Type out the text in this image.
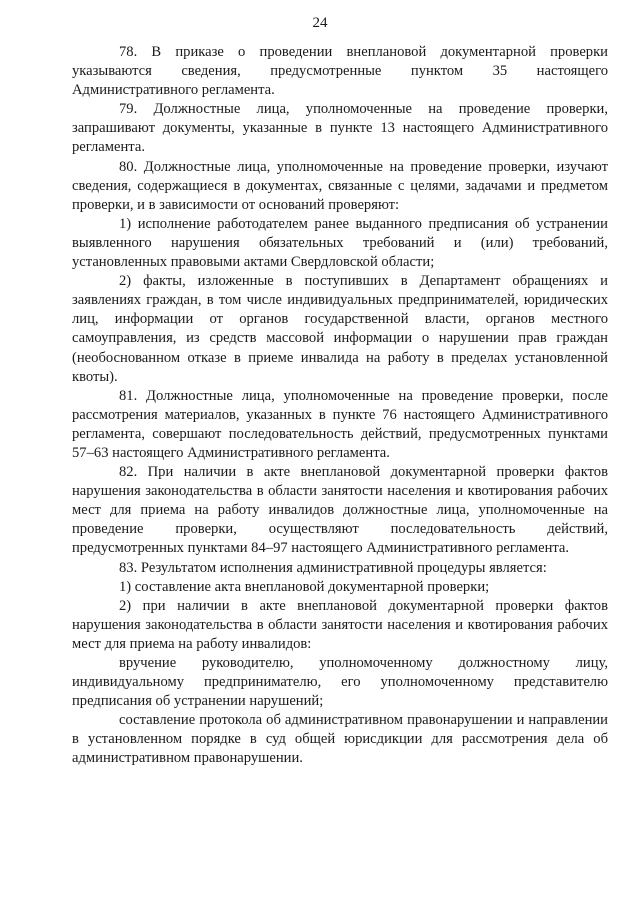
24

78. В приказе о проведении внеплановой документарной проверки указываются сведения, предусмотренные пунктом 35 настоящего Административного регламента.

79. Должностные лица, уполномоченные на проведение проверки, запрашивают документы, указанные в пункте 13 настоящего Административного регламента.

80. Должностные лица, уполномоченные на проведение проверки, изучают сведения, содержащиеся в документах, связанные с целями, задачами и предметом проверки, и в зависимости от оснований проверяют:

1) исполнение работодателем ранее выданного предписания об устранении выявленного нарушения обязательных требований и (или) требований, установленных правовыми актами Свердловской области;

2) факты, изложенные в поступивших в Департамент обращениях и заявлениях граждан, в том числе индивидуальных предпринимателей, юридических лиц, информации от органов государственной власти, органов местного самоуправления, из средств массовой информации о нарушении прав граждан (необоснованном отказе в приеме инвалида на работу в пределах установленной квоты).

81. Должностные лица, уполномоченные на проведение проверки, после рассмотрения материалов, указанных в пункте 76 настоящего Административного регламента, совершают последовательность действий, предусмотренных пунктами 57–63 настоящего Административного регламента.

82. При наличии в акте внеплановой документарной проверки фактов нарушения законодательства в области занятости населения и квотирования рабочих мест для приема на работу инвалидов должностные лица, уполномоченные на проведение проверки, осуществляют последовательность действий, предусмотренных пунктами 84–97 настоящего Административного регламента.

83. Результатом исполнения административной процедуры является:

1) составление акта внеплановой документарной проверки;

2) при наличии в акте внеплановой документарной проверки фактов нарушения законодательства в области занятости населения и квотирования рабочих мест для приема на работу инвалидов:

вручение руководителю, уполномоченному должностному лицу, индивидуальному предпринимателю, его уполномоченному представителю предписания об устранении нарушений;

составление протокола об административном правонарушении и направлении в установленном порядке в суд общей юрисдикции для рассмотрения дела об административном правонарушении.
